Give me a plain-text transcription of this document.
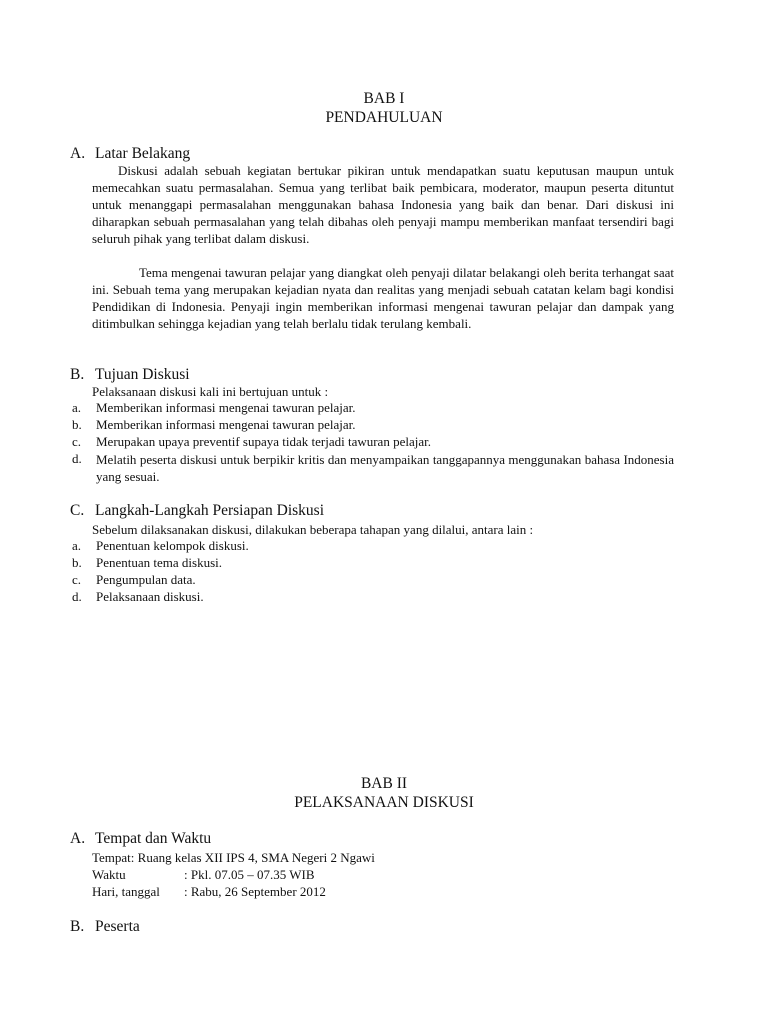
BAB I
PENDAHULUAN
A. Latar Belakang

Diskusi adalah sebuah kegiatan bertukar pikiran untuk mendapatkan suatu keputusan maupun untuk memecahkan suatu permasalahan. Semua yang terlibat baik pembicara, moderator, maupun peserta dituntut untuk menanggapi permasalahan menggunakan bahasa Indonesia yang baik dan benar. Dari diskusi ini diharapkan sebuah permasalahan yang telah dibahas oleh penyaji mampu memberikan manfaat tersendiri bagi seluruh pihak yang terlibat dalam diskusi.

Tema mengenai tawuran pelajar yang diangkat oleh penyaji dilatar belakangi oleh berita terhangat saat ini. Sebuah tema yang merupakan kejadian nyata dan realitas yang menjadi sebuah catatan kelam bagi kondisi Pendidikan di Indonesia. Penyaji ingin memberikan informasi mengenai tawuran pelajar dan dampak yang ditimbulkan sehingga kejadian yang telah berlalu tidak terulang kembali.

B. Tujuan Diskusi
Pelaksanaan diskusi kali ini bertujuan untuk :
a. Memberikan informasi mengenai tawuran pelajar.
b. Memberikan informasi mengenai tawuran pelajar.
c. Merupakan upaya preventif supaya tidak terjadi tawuran pelajar.
d. Melatih peserta diskusi untuk berpikir kritis dan menyampaikan tanggapannya menggunakan bahasa Indonesia yang sesuai.
C. Langkah-Langkah Persiapan Diskusi
Sebelum dilaksanakan diskusi, dilakukan beberapa tahapan yang dilalui, antara lain :
a. Penentuan kelompok diskusi.
b. Penentuan tema diskusi.
c. Pengumpulan data.
d. Pelaksanaan diskusi.
BAB II
PELAKSANAAN DISKUSI
A. Tempat dan Waktu
Tempat: Ruang kelas XII IPS 4, SMA Negeri 2 Ngawi
Waktu	: Pkl. 07.05 – 07.35 WIB
Hari, tanggal : Rabu, 26 September 2012
B. Peserta
